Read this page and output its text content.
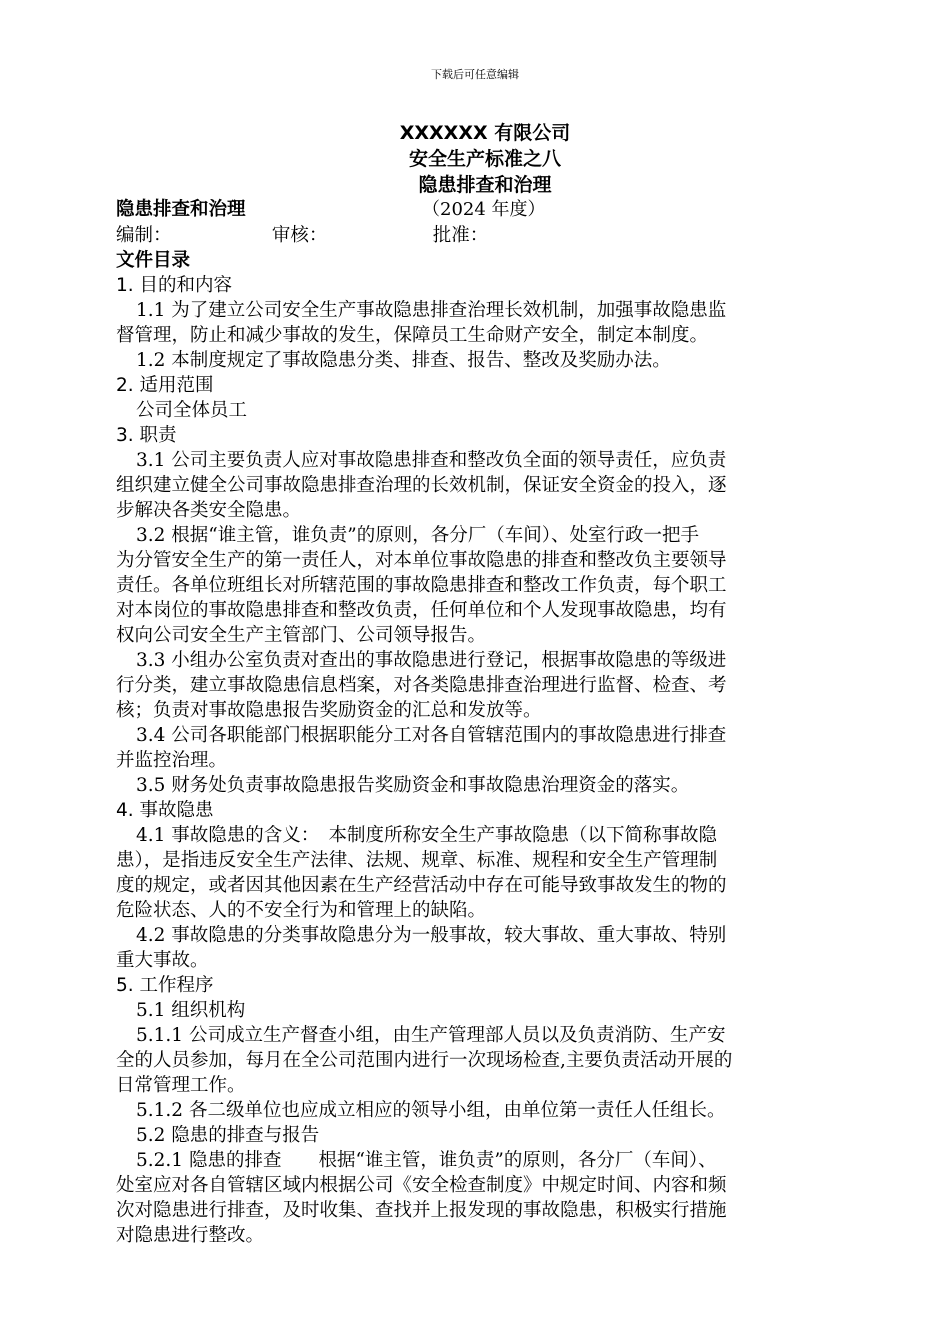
下载后可任意编辑
XXXXXX 有限公司
安全生产标准之八
隐患排查和治理
隐患排查和治理	（2024 年度）
编制：	审核：	批准：
文件目录
1. 目的和内容
1.1 为了建立公司安全生产事故隐患排查治理长效机制，加强事故隐患监
督管理，防止和减少事故的发生，保障员工生命财产安全，制定本制度。
1.2 本制度规定了事故隐患分类、排查、报告、整改及奖励办法。
2. 适用范围
公司全体员工
3. 职责
3.1 公司主要负责人应对事故隐患排查和整改负全面的领导责任，应负责
组织建立健全公司事故隐患排查治理的长效机制，保证安全资金的投入，逐
步解决各类安全隐患。
3.2 根据“谁主管，谁负责”的原则，各分厂（车间）、处室行政一把手
为分管安全生产的第一责任人，对本单位事故隐患的排查和整改负主要领导
责任。各单位班组长对所辖范围的事故隐患排查和整改工作负责，每个职工
对本岗位的事故隐患排查和整改负责，任何单位和个人发现事故隐患，均有
权向公司安全生产主管部门、公司领导报告。
3.3 小组办公室负责对查出的事故隐患进行登记，根据事故隐患的等级进
行分类，建立事故隐患信息档案，对各类隐患排查治理进行监督、检查、考
核；负责对事故隐患报告奖励资金的汇总和发放等。
3.4 公司各职能部门根据职能分工对各自管辖范围内的事故隐患进行排查
并监控治理。
3.5 财务处负责事故隐患报告奖励资金和事故隐患治理资金的落实。
4. 事故隐患
4.1 事故隐患的含义：　本制度所称安全生产事故隐患（以下简称事故隐
患），是指违反安全生产法律、法规、规章、标准、规程和安全生产管理制
度的规定，或者因其他因素在生产经营活动中存在可能导致事故发生的物的
危险状态、人的不安全行为和管理上的缺陷。
4.2 事故隐患的分类事故隐患分为一般事故，较大事故、重大事故、特别
重大事故。
5. 工作程序
5.1 组织机构
5.1.1 公司成立生产督查小组，由生产管理部人员以及负责消防、生产安
全的人员参加，每月在全公司范围内进行一次现场检查,主要负责活动开展的
日常管理工作。
5.1.2 各二级单位也应成立相应的领导小组，由单位第一责任人任组长。
5.2 隐患的排查与报告
5.2.1 隐患的排查　　根据“谁主管，谁负责”的原则，各分厂（车间）、
处室应对各自管辖区域内根据公司《安全检查制度》中规定时间、内容和频
次对隐患进行排查，及时收集、查找并上报发现的事故隐患，积极实行措施
对隐患进行整改。
